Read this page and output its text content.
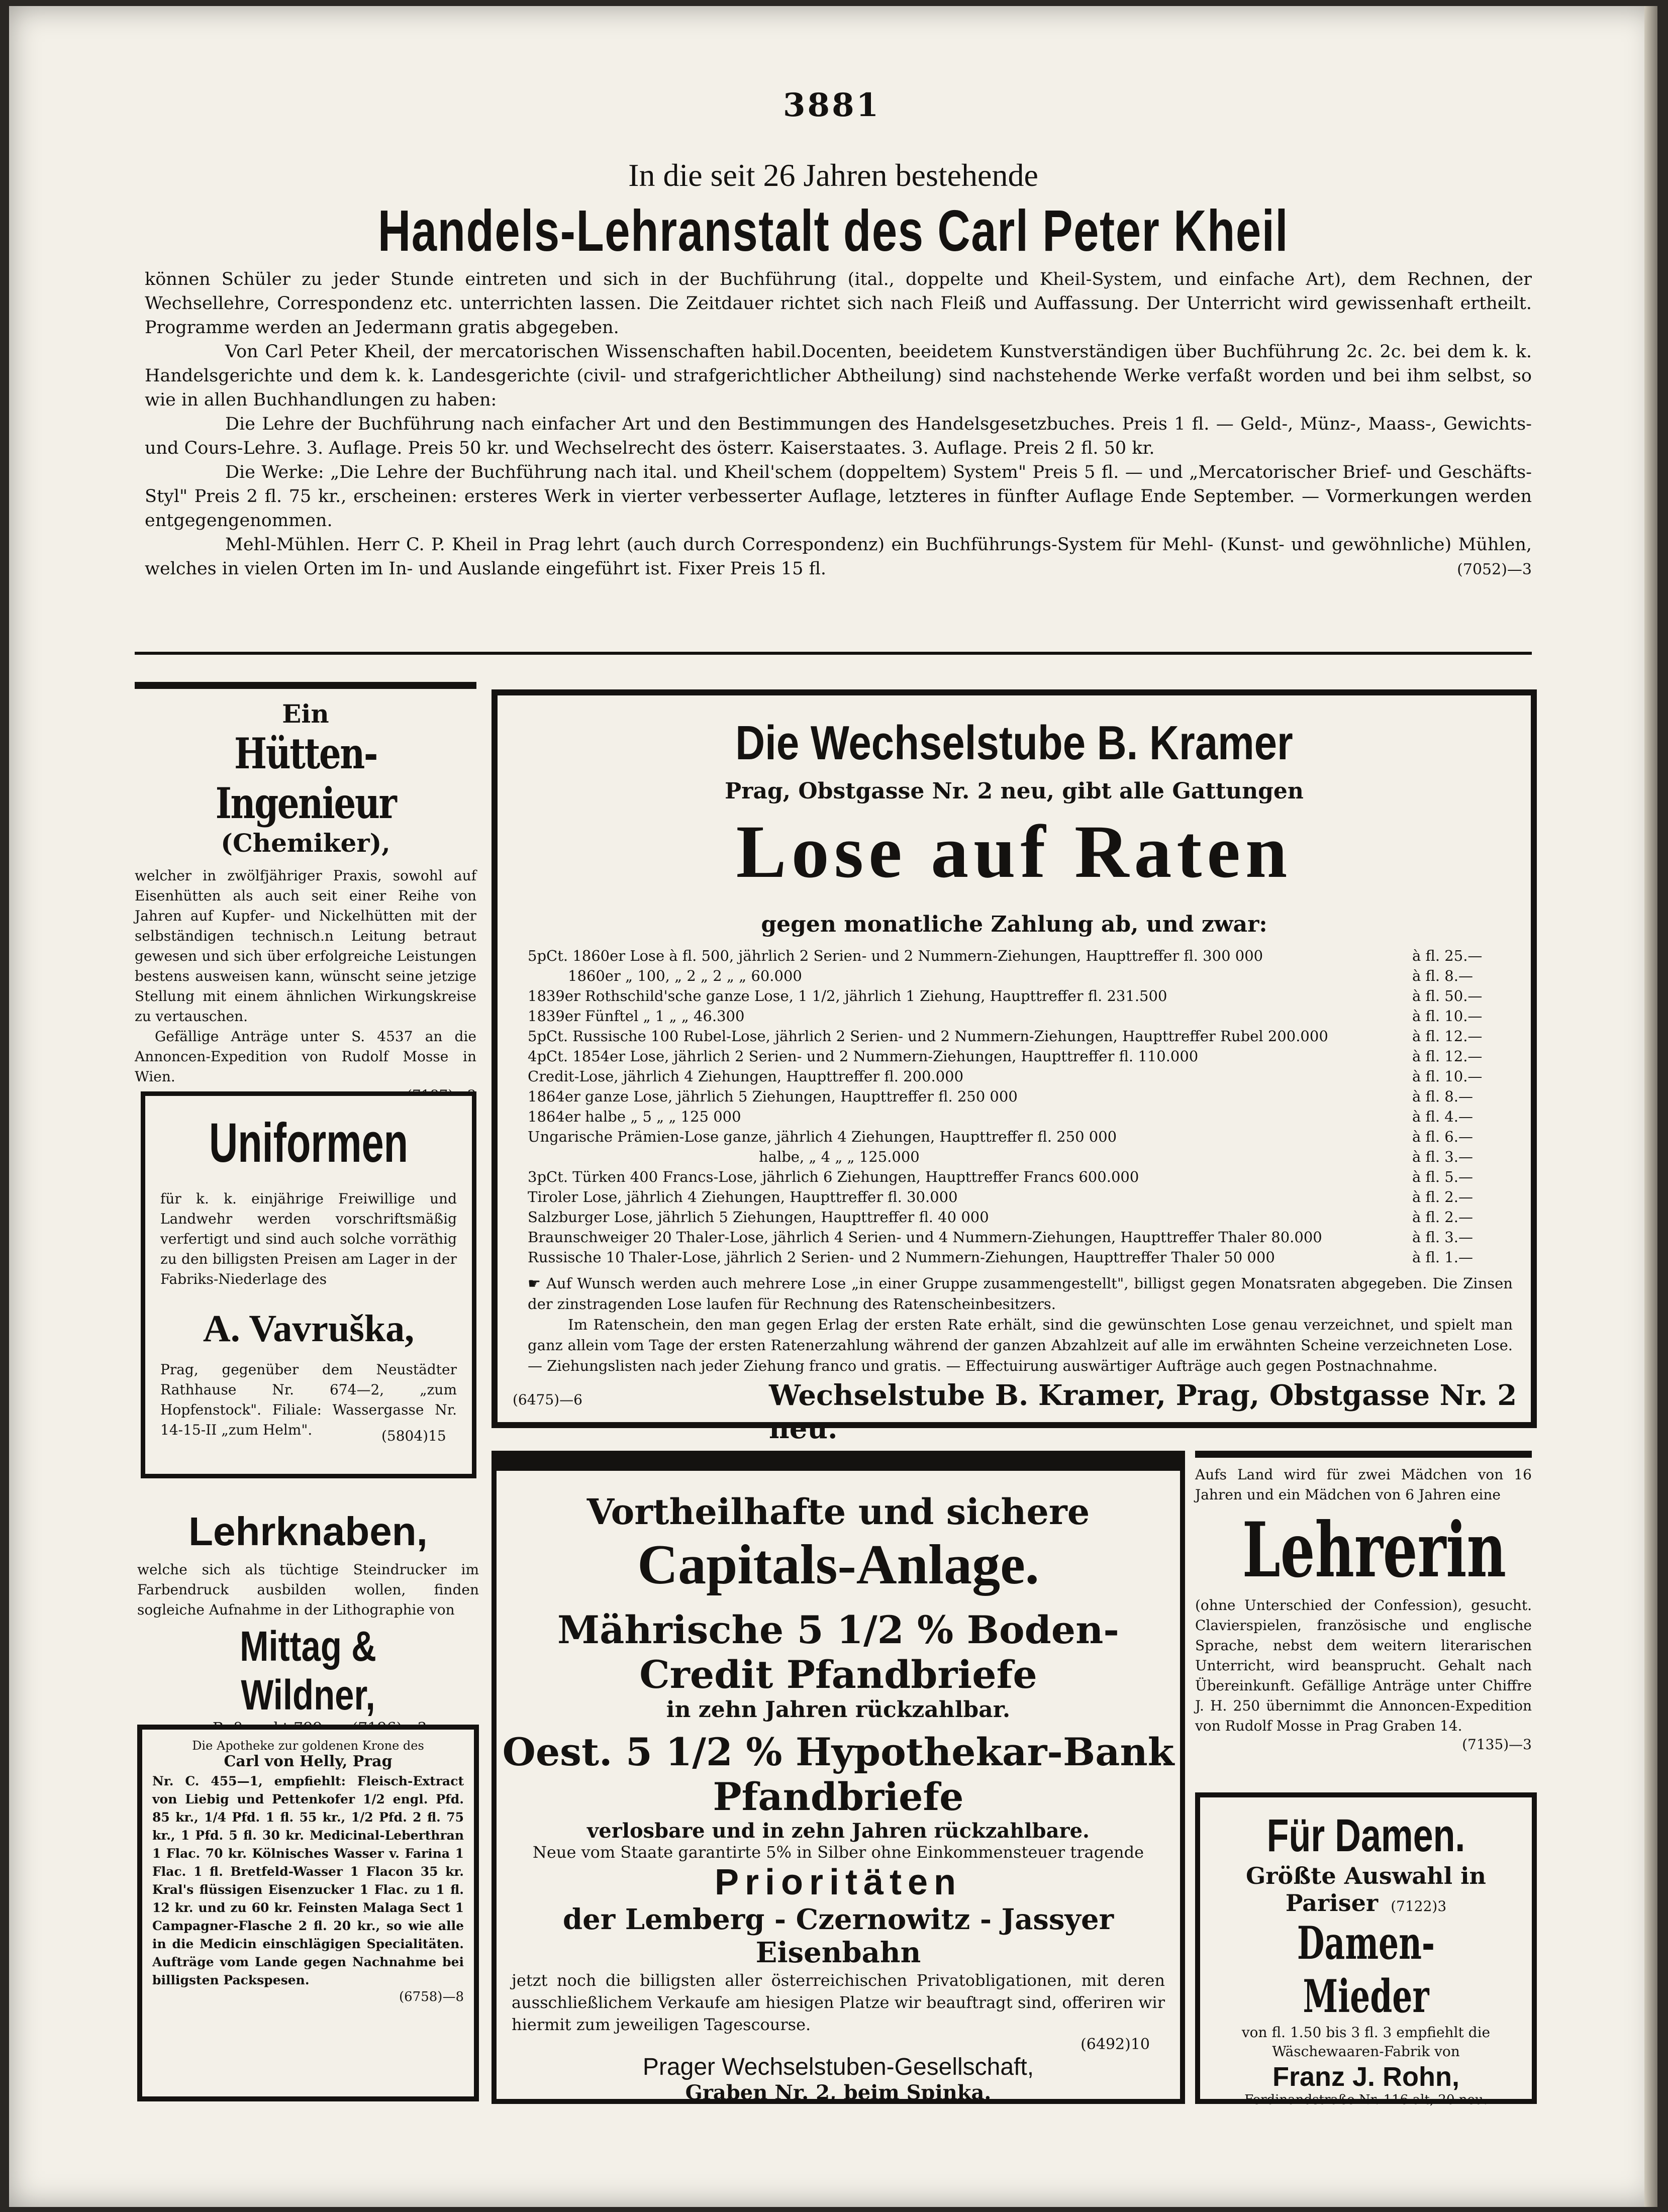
3881
In die seit 26 Jahren bestehende
Handels-Lehranstalt des Carl Peter Kheil

können Schüler zu jeder Stunde eintreten und sich in der Buchführung (ital., doppelte und Kheil-System, und einfache Art), dem Rechnen, der Wechsellehre, Correspondenz etc. unterrichten lassen. Die Zeitdauer richtet sich nach Fleiß und Auffassung. Der Unterricht wird gewissenhaft ertheilt. Programme werden an Jedermann gratis abgegeben.

Von Carl Peter Kheil, der mercatorischen Wissenschaften habil.Docenten, beeidetem Kunstverständigen über Buchführung 2c. 2c. bei dem k. k. Handelsgerichte und dem k. k. Landesgerichte (civil- und strafgerichtlicher Abtheilung) sind nachstehende Werke verfaßt worden und bei ihm selbst, so wie in allen Buchhandlungen zu haben:

Die Lehre der Buchführung nach einfacher Art und den Bestimmungen des Handelsgesetzbuches. Preis 1 fl. — Geld-, Münz-, Maass-, Gewichts- und Cours-Lehre. 3. Auflage. Preis 50 kr. und Wechselrecht des österr. Kaiserstaates. 3. Auflage. Preis 2 fl. 50 kr.

Die Werke: „Die Lehre der Buchführung nach ital. und Kheil'schem (doppeltem) System" Preis 5 fl. — und „Mercatorischer Brief- und Geschäfts-Styl" Preis 2 fl. 75 kr., erscheinen: ersteres Werk in vierter verbesserter Auflage, letzteres in fünfter Auflage Ende September. — Vormerkungen werden entgegengenommen.

Mehl-Mühlen. Herr C. P. Kheil in Prag lehrt (auch durch Correspondenz) ein Buchführungs-System für Mehl- (Kunst- und gewöhnliche) Mühlen, welches in vielen Orten im In- und Auslande eingeführt ist. Fixer Preis 15 fl.	(7052)—3
Ein
Hütten-Ingenieur
(Chemiker),
welcher in zwölfjähriger Praxis, sowohl auf Eisenhütten als auch seit einer Reihe von Jahren auf Kupfer- und Nickelhütten mit der selbständigen technisch.n Leitung betraut gewesen und sich über erfolgreiche Leistungen bestens ausweisen kann, wünscht seine jetzige Stellung mit einem ähnlichen Wirkungskreise zu vertauschen.
Gefällige Anträge unter S. 4537 an die Annoncen-Expedition von Rudolf Mosse in Wien.
Uniformen
für k. k. einjährige Freiwillige und Landwehr werden vorschriftsmäßig verfertigt und sind auch solche vorräthig zu den billigsten Preisen am Lager in der Fabriks-Niederlage des
A. Vavruška,
Prag, gegenüber dem Neustädter Rathhause Nr. 674—2, „zum Hopfenstock". Filiale: Wassergasse Nr. 14-15-II „zum Helm".	(5804)15
Lehrknaben,
welche sich als tüchtige Steindrucker im Farbendruck ausbilden wollen, finden sogleiche Aufnahme in der Lithographie von
Mittag & Wildner,
Die Apotheke zur goldenen Krone des
Carl von Helly, Prag
Nr. C. 455—1, empfiehlt: Fleisch-Extract von Liebig und Pettenkofer 1/2 engl. Pfd. 85 kr., 1/4 Pfd. 1 fl. 55 kr., 1/2 Pfd. 2 fl. 75 kr., 1 Pfd. 5 fl. 30 kr. Medicinal-Leberthran 1 Flac. 70 kr. Kölnisches Wasser v. Farina 1 Flac. 1 fl. Bretfeld-Wasser 1 Flacon 35 kr. Kral's flüssigen Eisenzucker 1 Flac. zu 1 fl. 12 kr. und zu 60 kr. Feinsten Malaga Sect 1 Campagner-Flasche 2 fl. 20 kr., so wie alle in die Medicin einschlägigen Specialitäten. Aufträge vom Lande gegen Nachnahme bei billigsten Packspesen.
(6758)—8
Die Wechselstube B. Kramer
Prag, Obstgasse Nr. 2 neu, gibt alle Gattungen
Lose auf Raten
gegen monatliche Zahlung ab, und zwar:
5pCt. 1860er Lose à fl. 500, jährlich 2 Serien- und 2 Nummern-Ziehungen, Haupttreffer fl. 300 000	à fl. 25.—
1860er „ 100, „ 2 „ 2 „ „ 60.000	à fl. 8.—
1839er Rothschild'sche ganze Lose, 1 1/2, jährlich 1 Ziehung, Haupttreffer fl. 231.500	à fl. 50.—
1839er Fünftel „ 1 „ „ 46.300	à fl. 10.—
5pCt. Russische 100 Rubel-Lose, jährlich 2 Serien- und 2 Nummern-Ziehungen, Haupttreffer Rubel 200.000	à fl. 12.—
4pCt. 1854er Lose, jährlich 2 Serien- und 2 Nummern-Ziehungen, Haupttreffer fl. 110.000	à fl. 12.—
Credit-Lose, jährlich 4 Ziehungen, Haupttreffer fl. 200.000	à fl. 10.—
1864er ganze Lose, jährlich 5 Ziehungen, Haupttreffer fl. 250 000	à fl. 8.—
1864er halbe „ 5 „ „ 125 000	à fl. 4.—
Ungarische Prämien-Lose ganze, jährlich 4 Ziehungen, Haupttreffer fl. 250 000	à fl. 6.—
halbe, „ 4 „ „ 125.000	à fl. 3.—
3pCt. Türken 400 Francs-Lose, jährlich 6 Ziehungen, Haupttreffer Francs 600.000	à fl. 5.—
Tiroler Lose, jährlich 4 Ziehungen, Haupttreffer fl. 30.000	à fl. 2.—
Salzburger Lose, jährlich 5 Ziehungen, Haupttreffer fl. 40 000	à fl. 2.—
Braunschweiger 20 Thaler-Lose, jährlich 4 Serien- und 4 Nummern-Ziehungen, Haupttreffer Thaler 80.000	à fl. 3.—
Russische 10 Thaler-Lose, jährlich 2 Serien- und 2 Nummern-Ziehungen, Haupttreffer Thaler 50 000	à fl. 1.—
☛ Auf Wunsch werden auch mehrere Lose „in einer Gruppe zusammengestellt", billigst gegen Monatsraten abgegeben. Die Zinsen der zinstragenden Lose laufen für Rechnung des Ratenscheinbesitzers.
Im Ratenschein, den man gegen Erlag der ersten Rate erhält, sind die gewünschten Lose genau verzeichnet, und spielt man ganz allein vom Tage der ersten Ratenerzahlung während der ganzen Abzahlzeit auf alle im erwähnten Scheine verzeichneten Lose. — Ziehungslisten nach jeder Ziehung franco und gratis. — Effectuirung auswärtiger Aufträge auch gegen Postnachnahme.
(6475)—6	Wechselstube B. Kramer, Prag, Obstgasse Nr. 2 neu.
Vortheilhafte und sichere
Capitals-Anlage.
Mährische 5 1/2 % Boden-Credit Pfandbriefe
in zehn Jahren rückzahlbar.
Oest. 5 1/2 % Hypothekar-Bank Pfandbriefe
verlosbare und in zehn Jahren rückzahlbare.
Neue vom Staate garantirte 5% in Silber ohne Einkommensteuer tragende
Prioritäten
der Lemberg - Czernowitz - Jassyer Eisenbahn
jetzt noch die billigsten aller österreichischen Privatobligationen, mit deren ausschließlichem Verkaufe am hiesigen Platze wir beauftragt sind, offeriren wir hiermit zum jeweiligen Tagescourse.
(6492)10
Prager Wechselstuben-Gesellschaft,
Graben Nr. 2, beim Spinka.
Aufs Land wird für zwei Mädchen von 16 Jahren und ein Mädchen von 6 Jahren eine
Lehrerin
(ohne Unterschied der Confession), gesucht. Clavierspielen, französische und englische Sprache, nebst dem weitern literarischen Unterricht, wird beansprucht. Gehalt nach Übereinkunft. Gefällige Anträge unter Chiffre J. H. 250 übernimmt die Annoncen-Expedition von Rudolf Mosse in Prag Graben 14.
(7135)—3
Für Damen.
Größte Auswahl in
Pariser (7122)3
Damen-Mieder
von fl. 1.50 bis 3 fl. 3 empfiehlt die Wäschewaaren-Fabrik von
Franz J. Rohn,
Ferdinandstraße Nr. 116 alt, 20 neu.
